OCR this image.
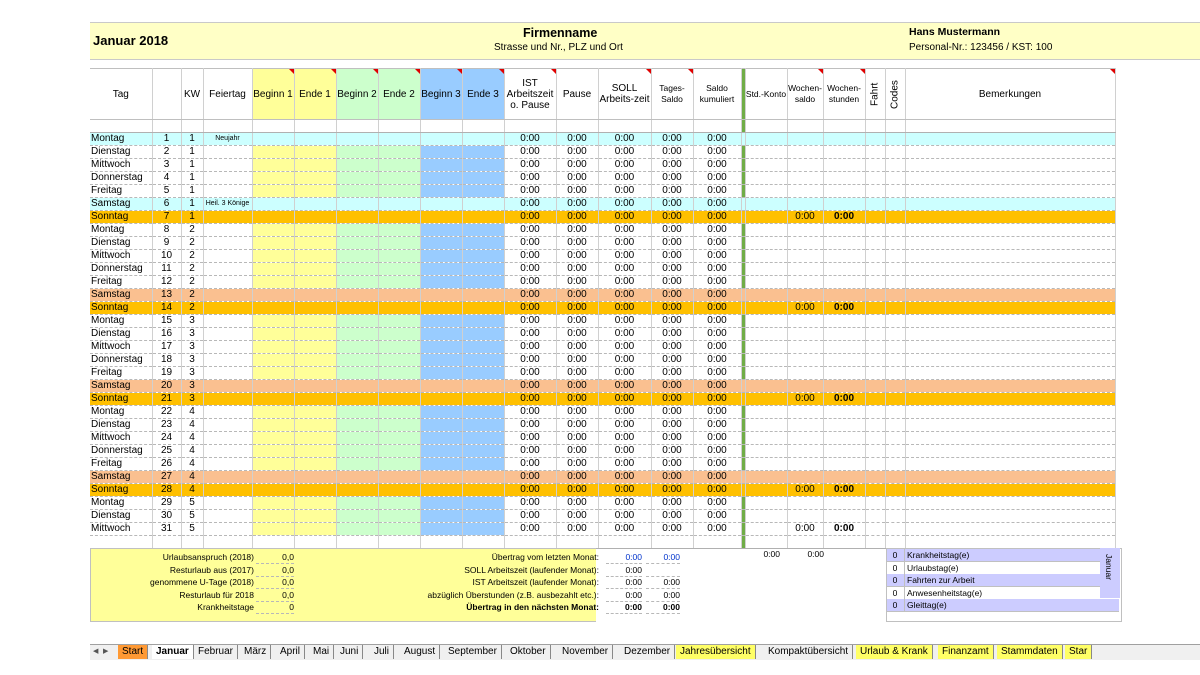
Januar 2018	Firmenname
Strasse und Nr., PLZ und Ort
Hans Mustermann
Personal-Nr.: 123456 / KST: 100
Tag		KW	Feiertag	Beginn 1	Ende 1	Beginn 2	Ende 2	Beginn 3	Ende 3	IST Arbeitszeit o. Pause	Pause	SOLL Arbeits-zeit	Tages-Saldo	Saldo kumuliert		Std.-Konto	Wochen-saldo	Wochen-stunden	Fahrt	Codes	Bemerkungen

Montag	1	1	Neujahr							0:00	0:00	0:00	0:00	0:00							
Dienstag	2	1								0:00	0:00	0:00	0:00	0:00							
Mittwoch	3	1								0:00	0:00	0:00	0:00	0:00							
Donnerstag	4	1								0:00	0:00	0:00	0:00	0:00							
Freitag	5	1								0:00	0:00	0:00	0:00	0:00							
Samstag	6	1	Heil. 3 Könige							0:00	0:00	0:00	0:00	0:00							
Sonntag	7	1								0:00	0:00	0:00	0:00	0:00			0:00	0:00			
Montag	8	2								0:00	0:00	0:00	0:00	0:00							
Dienstag	9	2								0:00	0:00	0:00	0:00	0:00							
Mittwoch	10	2								0:00	0:00	0:00	0:00	0:00							
Donnerstag	11	2								0:00	0:00	0:00	0:00	0:00							
Freitag	12	2								0:00	0:00	0:00	0:00	0:00							
Samstag	13	2								0:00	0:00	0:00	0:00	0:00							
Sonntag	14	2								0:00	0:00	0:00	0:00	0:00			0:00	0:00			
Montag	15	3								0:00	0:00	0:00	0:00	0:00							
Dienstag	16	3								0:00	0:00	0:00	0:00	0:00							
Mittwoch	17	3								0:00	0:00	0:00	0:00	0:00							
Donnerstag	18	3								0:00	0:00	0:00	0:00	0:00							
Freitag	19	3								0:00	0:00	0:00	0:00	0:00							
Samstag	20	3								0:00	0:00	0:00	0:00	0:00							
Sonntag	21	3								0:00	0:00	0:00	0:00	0:00			0:00	0:00			
Montag	22	4								0:00	0:00	0:00	0:00	0:00							
Dienstag	23	4								0:00	0:00	0:00	0:00	0:00							
Mittwoch	24	4								0:00	0:00	0:00	0:00	0:00							
Donnerstag	25	4								0:00	0:00	0:00	0:00	0:00							
Freitag	26	4								0:00	0:00	0:00	0:00	0:00							
Samstag	27	4								0:00	0:00	0:00	0:00	0:00							
Sonntag	28	4								0:00	0:00	0:00	0:00	0:00			0:00	0:00			
Montag	29	5								0:00	0:00	0:00	0:00	0:00							
Dienstag	30	5								0:00	0:00	0:00	0:00	0:00							
Mittwoch	31	5								0:00	0:00	0:00	0:00	0:00			0:00	0:00			

Urlaubsanspruch (2018)	0,0
Resturlaub aus (2017)	0,0
genommene U-Tage (2018)	0,0
Resturlaub für 2018	0,0
Krankheitstage	0
Übertrag vom letzten Monat:	0:00	0:00
SOLL Arbeitszeit (laufender Monat):	0:00
IST Arbeitszeit (laufender Monat):	0:00	0:00
abzüglich Überstunden (z.B. ausbezahlt etc.):	0:00	0:00
Übertrag in den nächsten Monat:	0:00	0:00
0:00	0:00	0	Krankheitstag(e)
0	Urlaubstag(e)
0	Fahrten zur Arbeit
0	Anwesenheitstag(e)
0	Gleittag(e)
Januar
◀ ▶	Start	Januar Februar	März	April	Mai	Juni	Juli	August	September	Oktober	November	Dezember Jahresübersicht	Kompaktübersicht	Urlaub & Krank	Finanzamt	Stammdaten	Star
